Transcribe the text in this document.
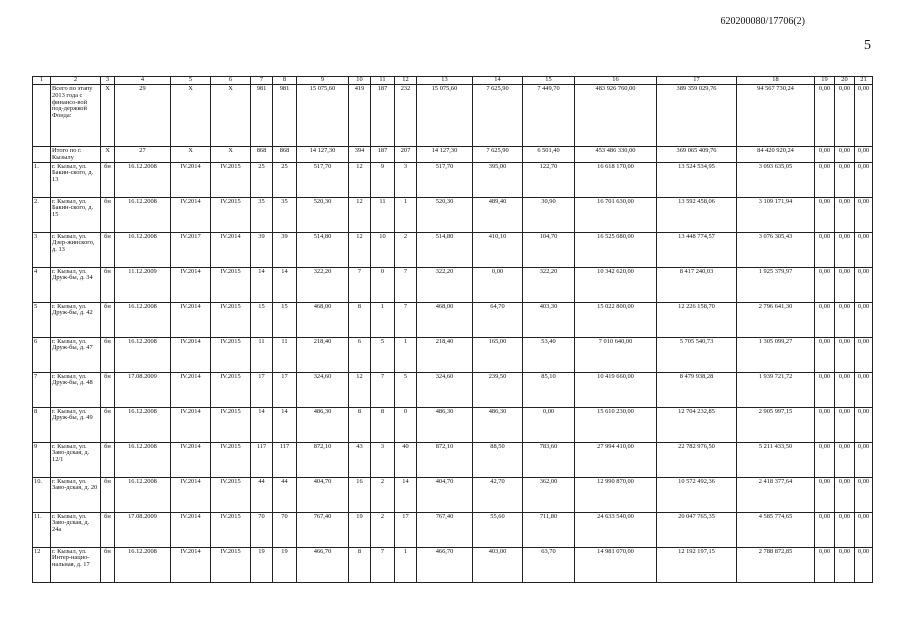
620200080/17706(2)
5
1	2	3	4	5	6	7	8	9	10	11	12	13	14	15	16	17	18	19	20	21
	Всего по этапу 2013 года с финансо-вой под-держкой Фонда:	X	29	X	X	981	981	15 075,60	419	187	232	15 075,60	7 625,90	7 449,70	483 926 760,00	389 359 029,76	94 567 730,24	0,00	0,00	0,00
	Итого по г. Кызылу	X	27	X	X	868	868	14 127,30	394	187	207	14 127,30	7 625,90	6 501,40	453 486 330,00	369 065 409,76	84 420 920,24	0,00	0,00	0,00
1.	г. Кызыл, ул. Бакин-ского, д. 13	бн	16.12.2008	IV.2014	IV.2015	25	25	517,70	12	9	3	517,70	395,00	122,70	16 618 170,00	13 524 534,95	3 093 635,05	0,00	0,00	0,00
2.	г. Кызыл, ул. Бакин-ского, д. 15	бн	16.12.2008	IV.2014	IV.2015	35	35	520,30	12	11	1	520,30	489,40	30,90	16 701 630,00	13 592 458,06	3 109 171,94	0,00	0,00	0,00
3	г. Кызыл, ул. Дзер-жинского, д. 13	бн	16.12.2008	IV.2017	IV.2014	39	39	514,80	12	10	2	514,80	410,10	104,70	16 525 080,00	13 448 774,57	3 076 305,43	0,00	0,00	0,00
4	г. Кызыл, ул. Друж-бы, д. 34	бн	11.12.2009	IV.2014	IV.2015	14	14	322,20	7	0	7	322,20	0,00	322,20	10 342 620,00	8 417 240,03	1 925 379,97	0,00	0,00	0,00
5	г. Кызыл, ул. Друж-бы, д. 42	бн	16.12.2008	IV.2014	IV.2015	15	15	468,00	8	1	7	468,00	64,70	403,30	15 022 800,00	12 226 158,70	2 796 641,30	0,00	0,00	0,00
6	г. Кызыл, ул. Друж-бы, д. 47	бн	16.12.2008	IV.2014	IV.2015	11	11	218,40	6	5	1	218,40	165,00	53,40	7 010 640,00	5 705 540,73	1 305 099,27	0,00	0,00	0,00
7	г. Кызыл, ул. Друж-бы, д. 48	бн	17.08.2009	IV.2014	IV.2015	17	17	324,60	12	7	5	324,60	239,50	85,10	10 419 660,00	8 479 938,28	1 939 721,72	0,00	0,00	0,00
8	г. Кызыл, ул. Друж-бы, д. 49	бн	16.12.2008	IV.2014	IV.2015	14	14	486,30	8	8	0	486,30	486,30	0,00	15 610 230,00	12 704 232,85	2 905 997,15	0,00	0,00	0,00
9	г. Кызыл, ул. Заво-дская, д. 12/1	бн	16.12.2008	IV.2014	IV.2015	117	117	872,10	43	3	40	872,10	88,50	783,60	27 994 410,00	22 782 976,50	5 211 433,50	0,00	0,00	0,00
10.	г. Кызыл, ул. Заво-дская, д. 20	бн	16.12.2008	IV.2014	IV.2015	44	44	404,70	16	2	14	404,70	42,70	362,00	12 990 870,00	10 572 492,36	2 418 377,64	0,00	0,00	0,00
11.	г. Кызыл, ул. Заво-дская, д. 24а	бн	17.08.2009	IV.2014	IV.2015	70	70	767,40	19	2	17	767,40	55,60	711,80	24 633 540,00	20 047 765,35	4 585 774,65	0,00	0,00	0,00
12	г. Кызыл, ул. Интер-нацио-нальная, д. 17	бн	16.12.2008	IV.2014	IV.2015	19	19	466,70	8	7	1	466,70	403,00	63,70	14 981 070,00	12 192 197,15	2 788 872,85	0,00	0,00	0,00
